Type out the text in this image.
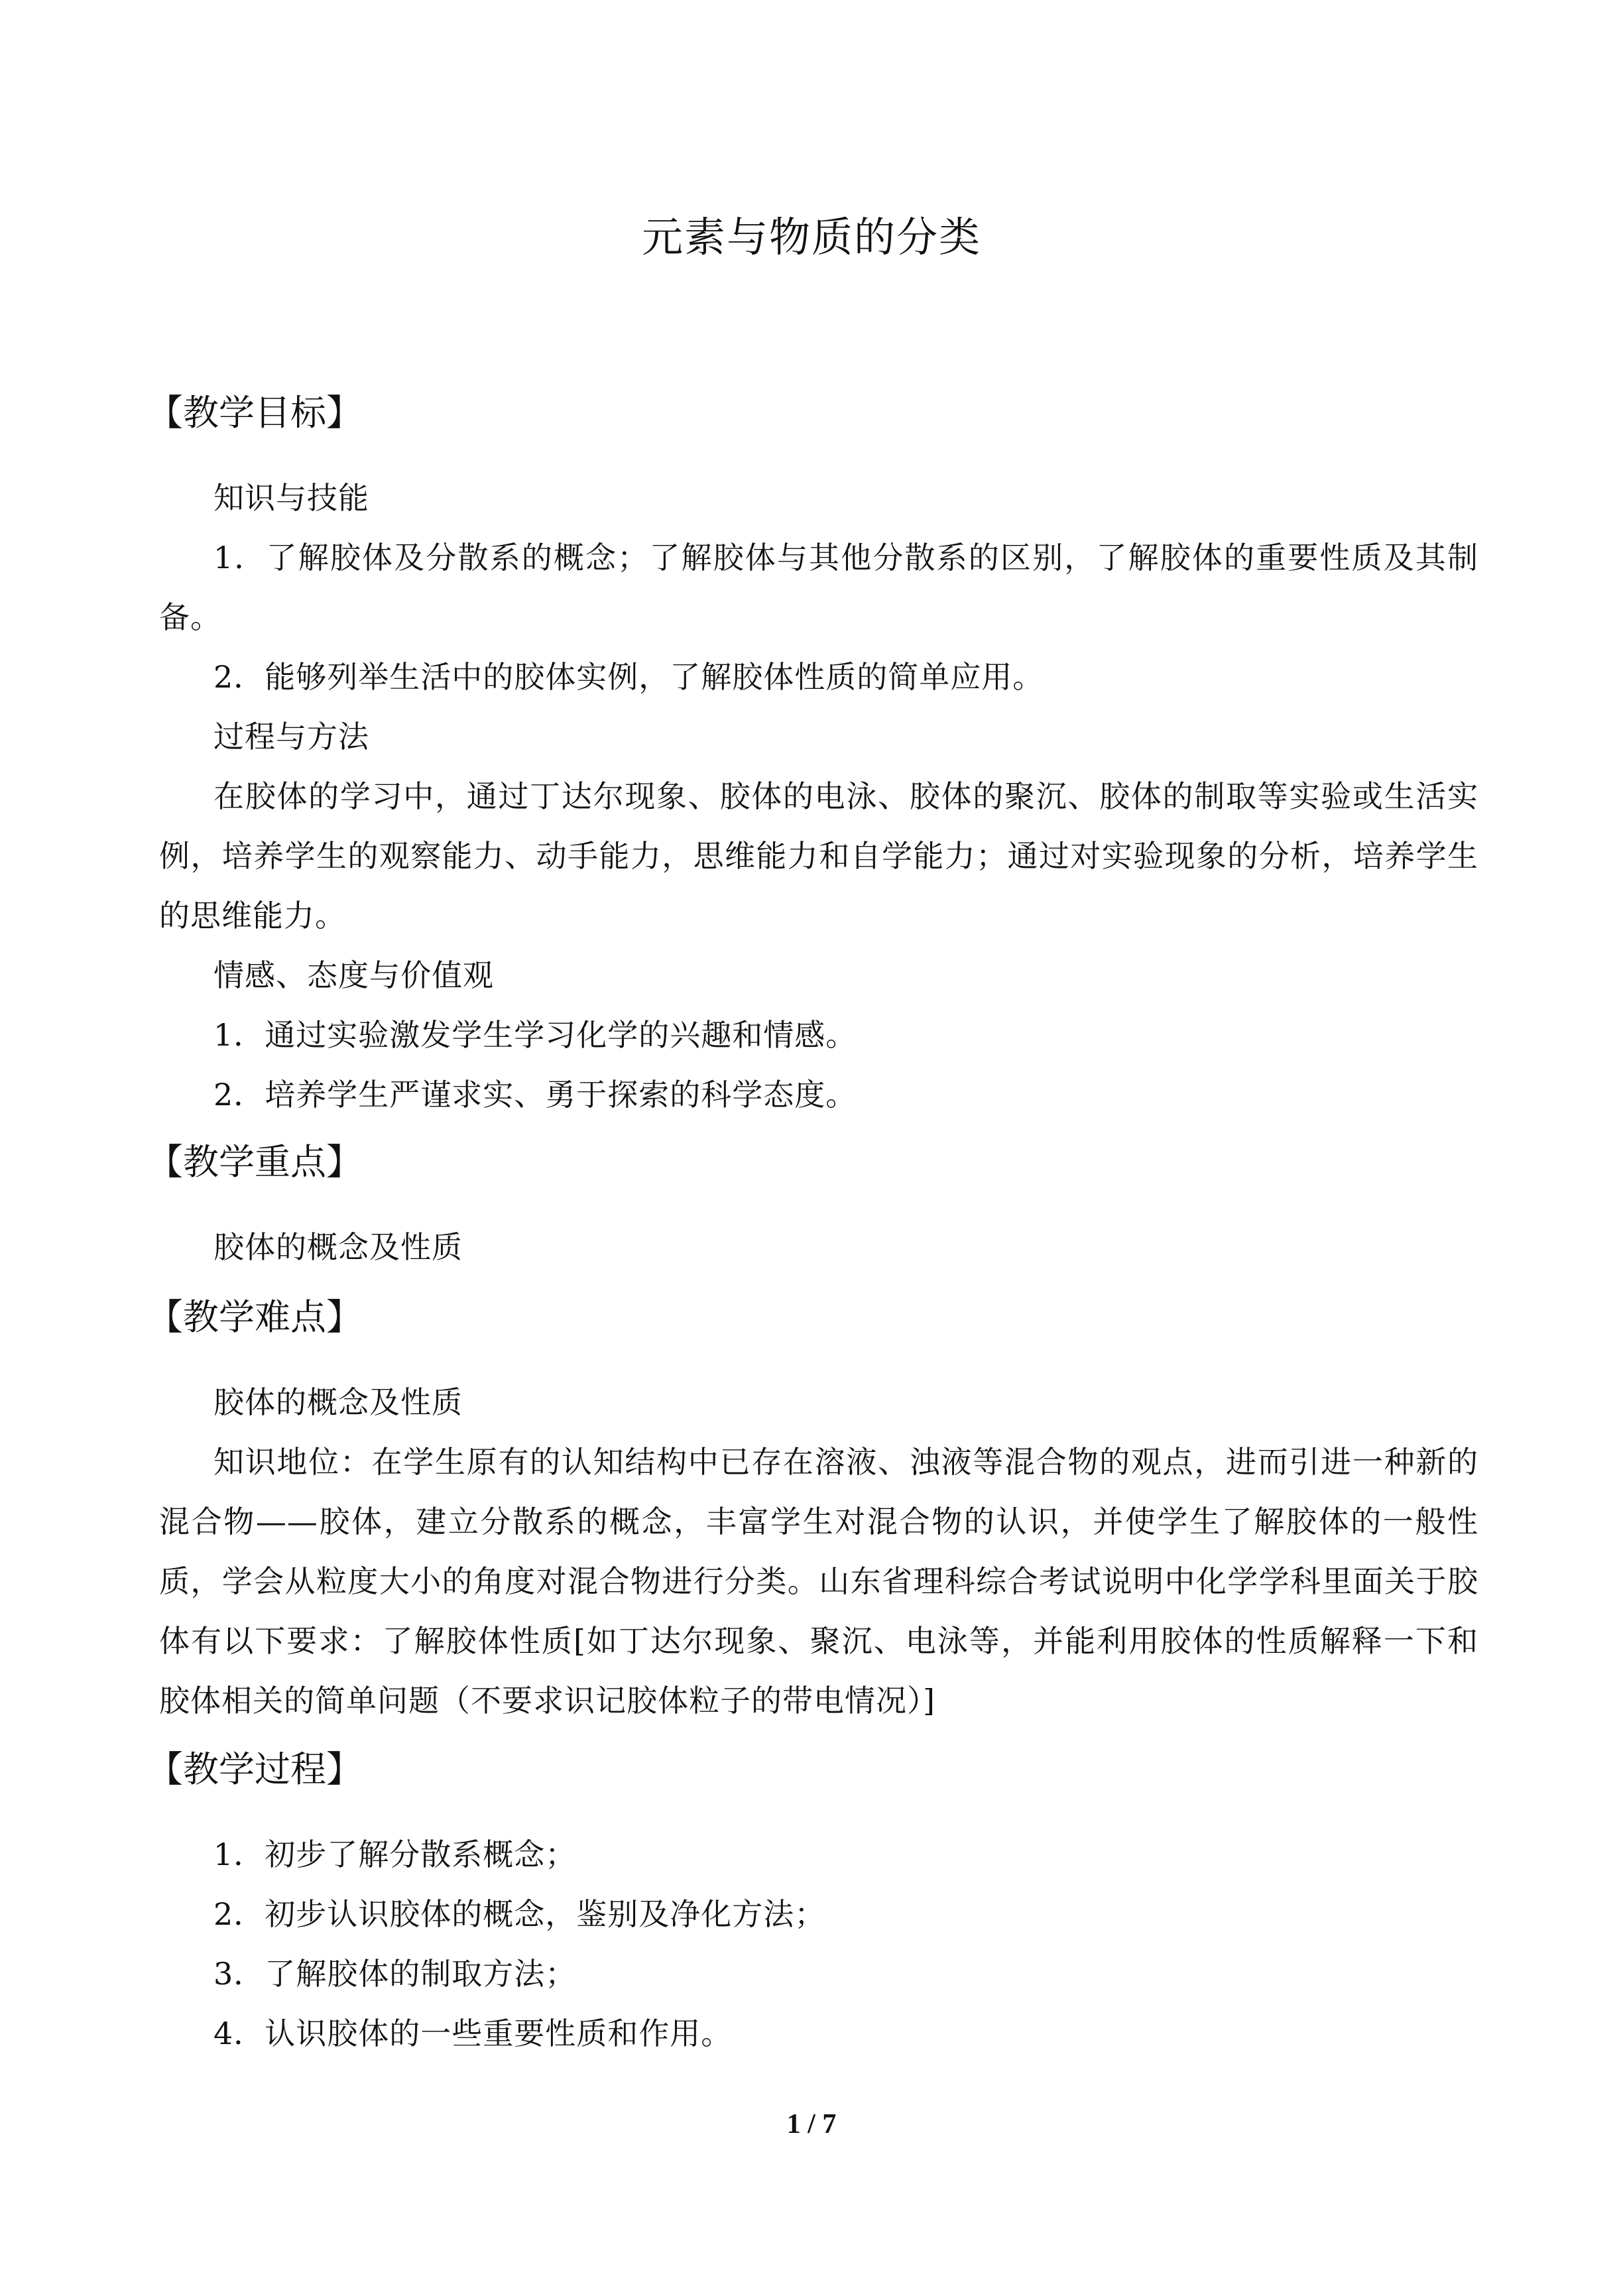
元素与物质的分类
【教学目标】

知识与技能

1．了解胶体及分散系的概念；了解胶体与其他分散系的区别，了解胶体的重要性质及其制备。

2．能够列举生活中的胶体实例，了解胶体性质的简单应用。

过程与方法

在胶体的学习中，通过丁达尔现象、胶体的电泳、胶体的聚沉、胶体的制取等实验或生活实例，培养学生的观察能力、动手能力，思维能力和自学能力；通过对实验现象的分析，培养学生的思维能力。

情感、态度与价值观

1．通过实验激发学生学习化学的兴趣和情感。

2．培养学生严谨求实、勇于探索的科学态度。

【教学重点】

胶体的概念及性质

【教学难点】

胶体的概念及性质

知识地位：在学生原有的认知结构中已存在溶液、浊液等混合物的观点，进而引进一种新的混合物——胶体，建立分散系的概念，丰富学生对混合物的认识，并使学生了解胶体的一般性质，学会从粒度大小的角度对混合物进行分类。山东省理科综合考试说明中化学学科里面关于胶体有以下要求：了解胶体性质[如丁达尔现象、聚沉、电泳等，并能利用胶体的性质解释一下和胶体相关的简单问题（不要求识记胶体粒子的带电情况）]

【教学过程】

1．初步了解分散系概念；

2．初步认识胶体的概念，鉴别及净化方法；

3．了解胶体的制取方法；

4．认识胶体的一些重要性质和作用。

1 / 7
